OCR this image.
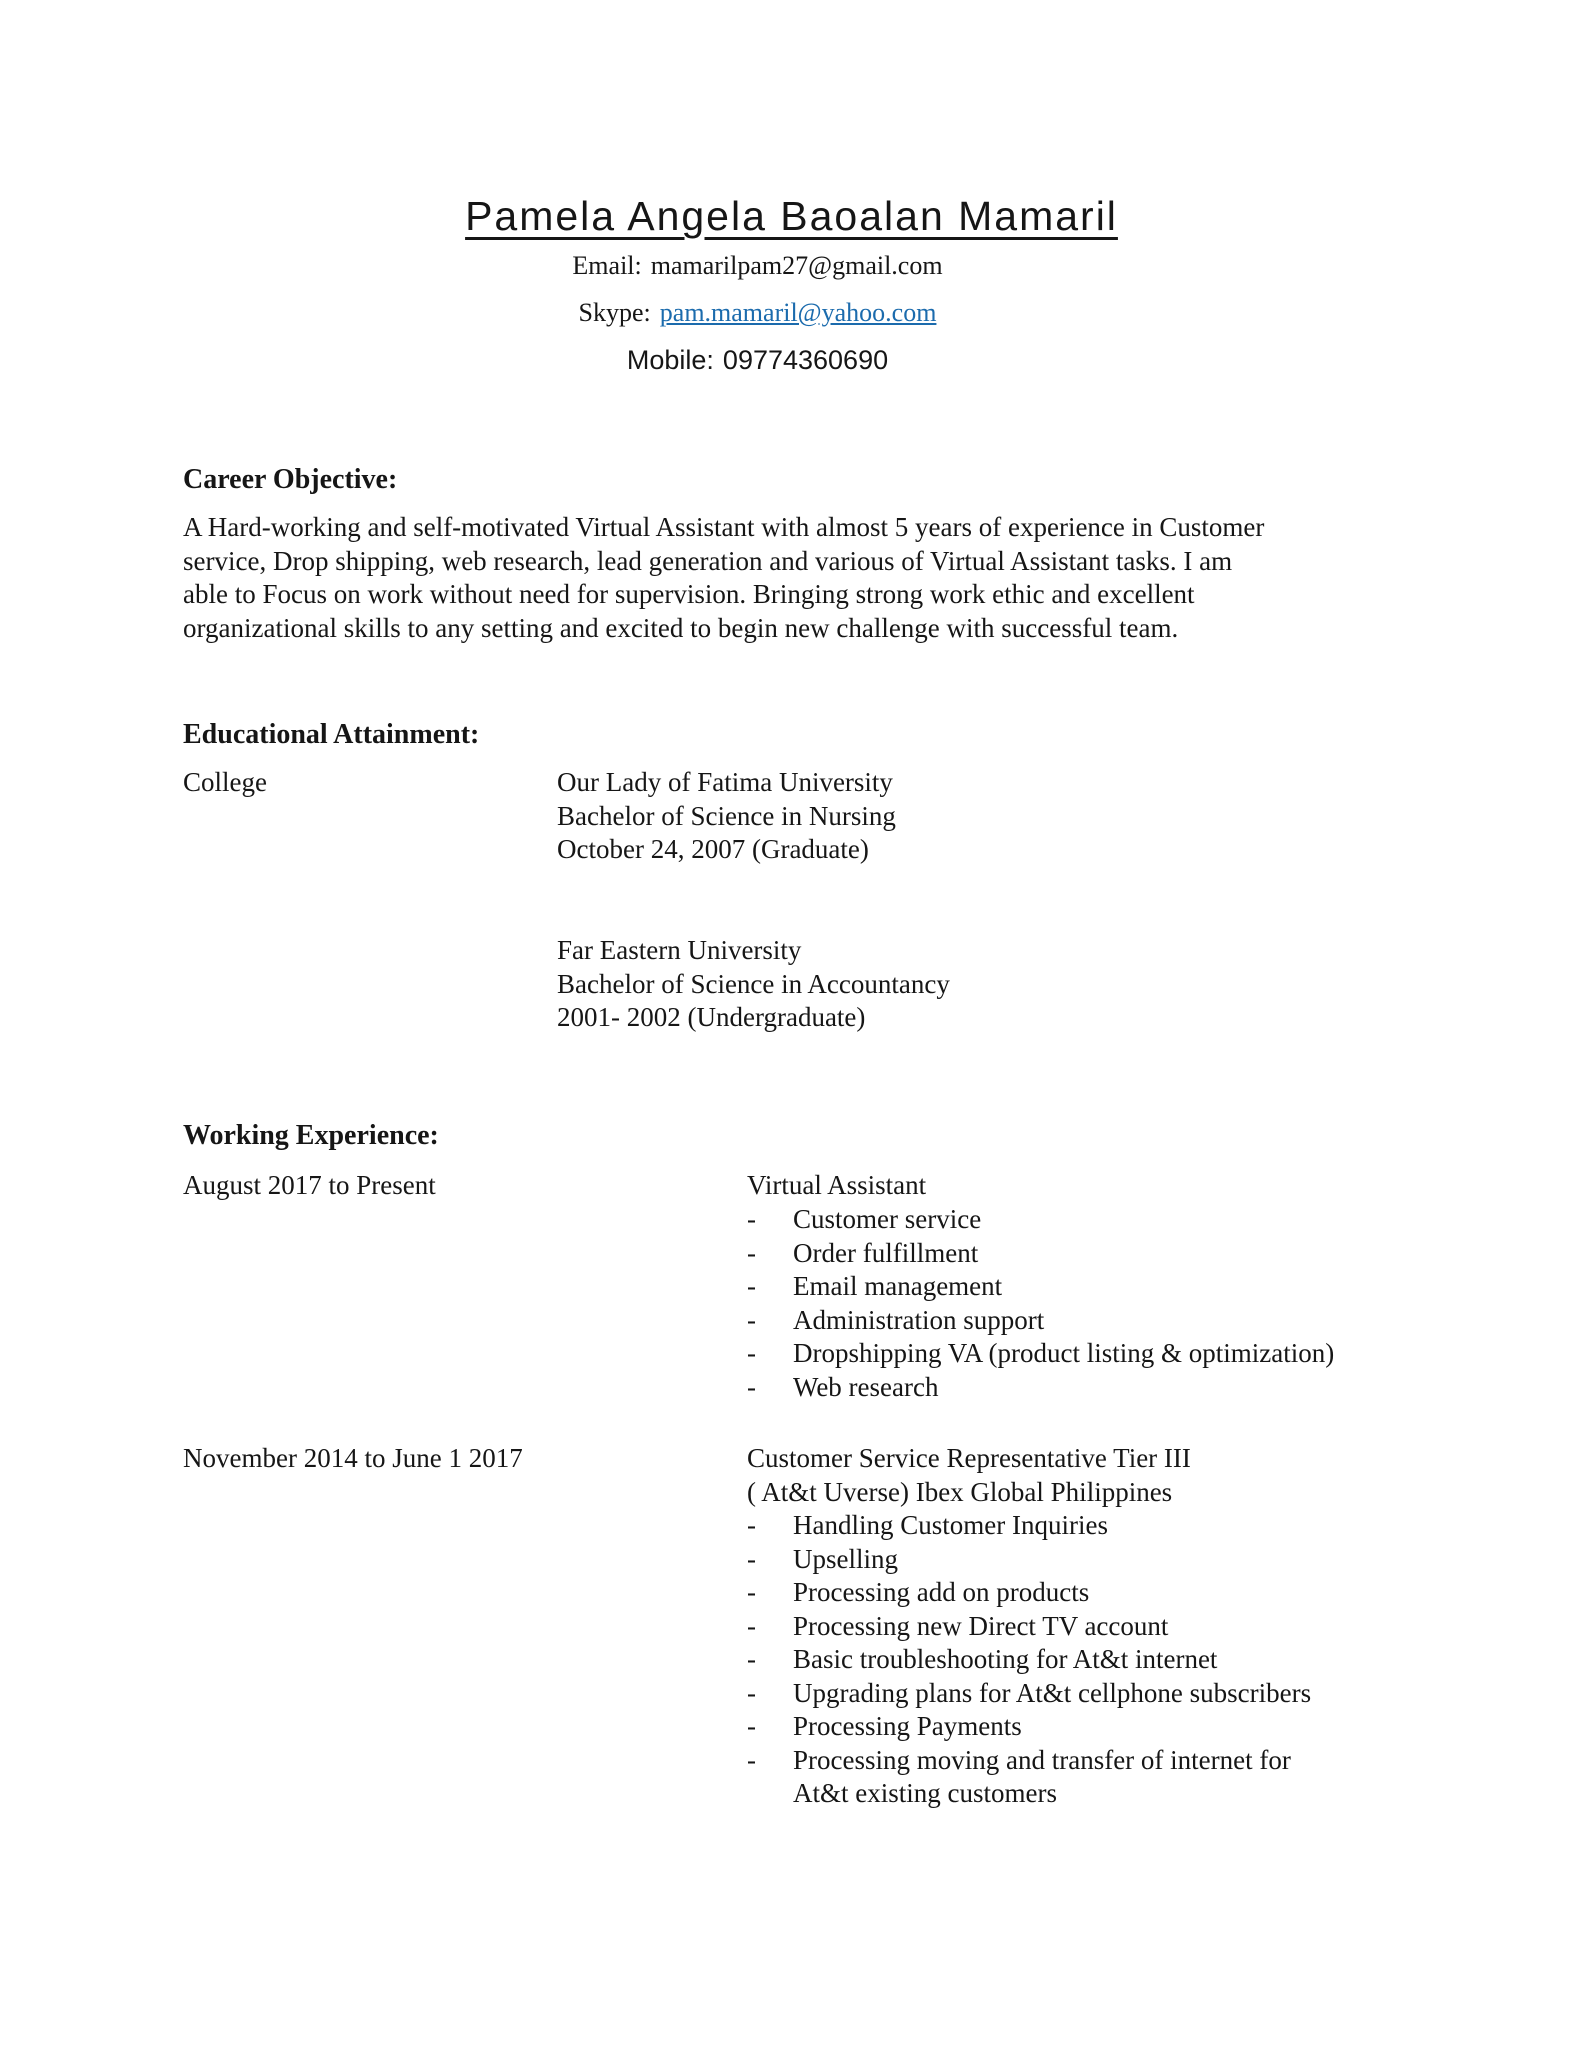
Pamela Angela Baoalan Mamaril
Email: mamarilpam27@gmail.com
Skype: pam.mamaril@yahoo.com
Mobile: 09774360690
Career Objective:
A Hard-working and self-motivated Virtual Assistant with almost 5 years of experience in Customer
service, Drop shipping, web research, lead generation and various of Virtual Assistant tasks. I am
able to Focus on work without need for supervision. Bringing strong work ethic and excellent
organizational skills to any setting and excited to begin new challenge with successful team.
Educational Attainment:
College	Our Lady of Fatima University
Bachelor of Science in Nursing
October 24, 2007 (Graduate)
Far Eastern University
Bachelor of Science in Accountancy
2001- 2002 (Undergraduate)
Working Experience:
August 2017 to Present	Virtual Assistant
-	Customer service
-	Order fulfillment
-	Email management
-	Administration support
-	Dropshipping VA (product listing & optimization)
-	Web research
November 2014 to June 1 2017	Customer Service Representative Tier III
( At&t Uverse) Ibex Global Philippines
-	Handling Customer Inquiries
-	Upselling
-	Processing add on products
-	Processing new Direct TV account
-	Basic troubleshooting for At&t internet
-	Upgrading plans for At&t cellphone subscribers
-	Processing Payments
-	Processing moving and transfer of internet for At&t existing customers
